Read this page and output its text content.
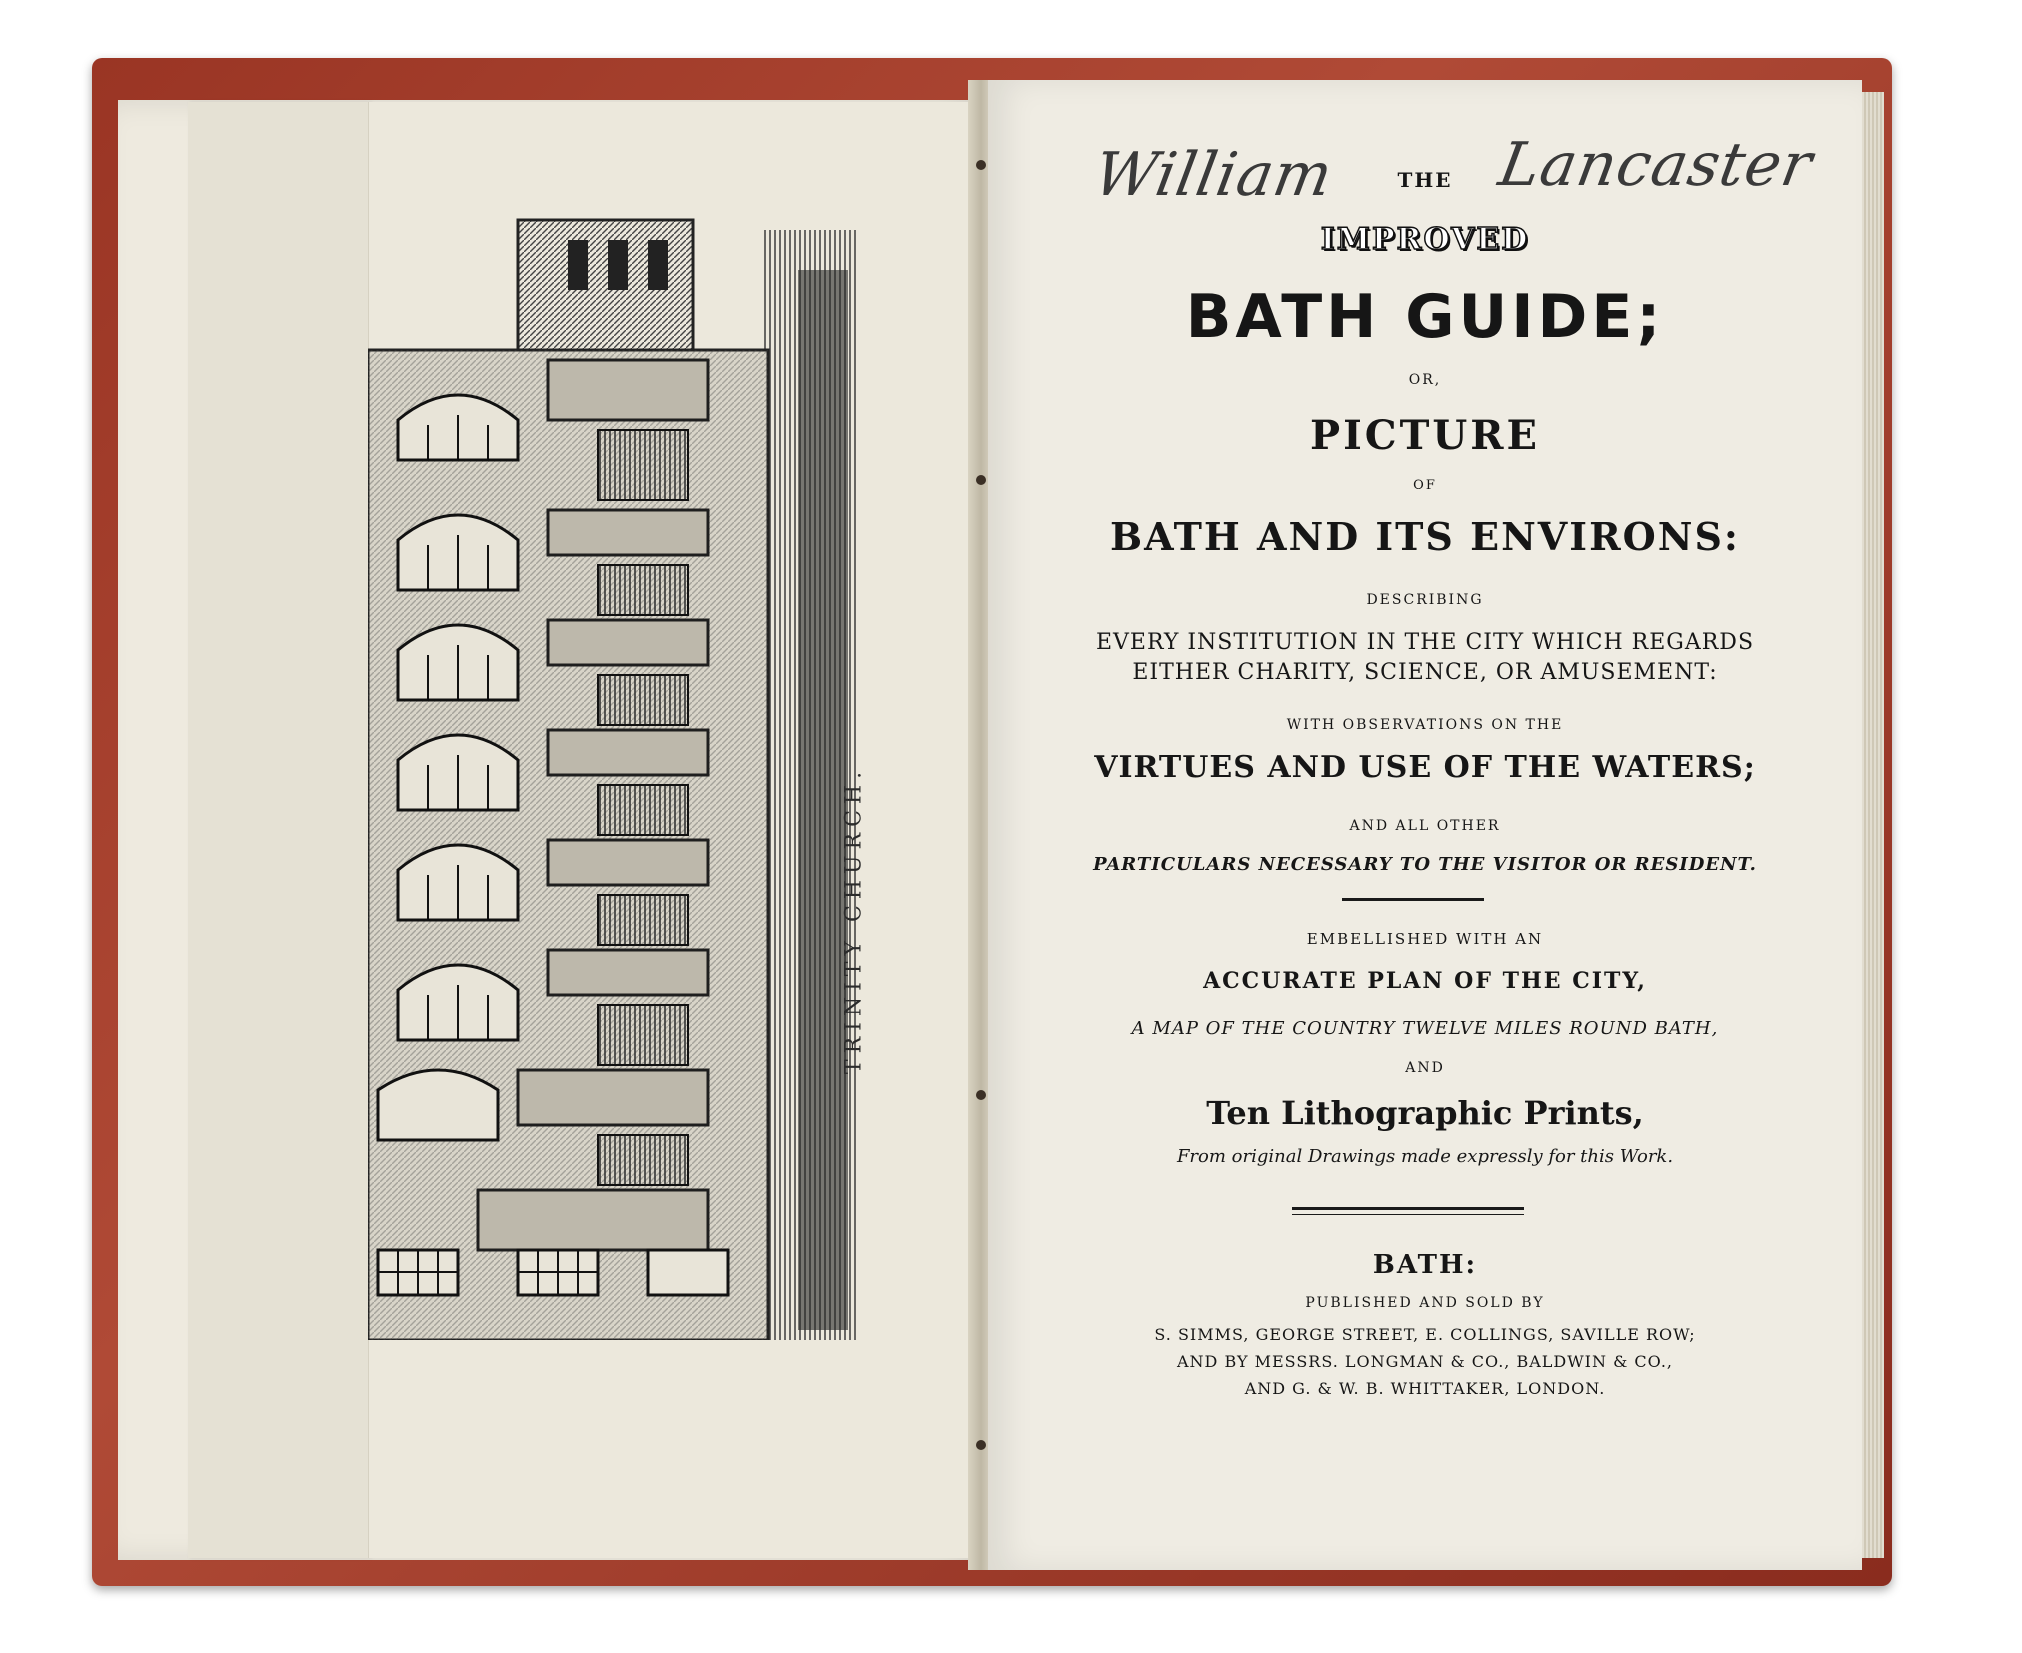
TRINITY CHURCH.
William	Lancaster
THE
IMPROVED
BATH GUIDE;
OR,
PICTURE
OF
BATH AND ITS ENVIRONS:
DESCRIBING
EVERY INSTITUTION IN THE CITY WHICH REGARDS
EITHER CHARITY, SCIENCE, OR AMUSEMENT:
WITH OBSERVATIONS ON THE
VIRTUES AND USE OF THE WATERS;
AND ALL OTHER
PARTICULARS NECESSARY TO THE VISITOR OR RESIDENT.
EMBELLISHED WITH AN
ACCURATE PLAN OF THE CITY,
A MAP OF THE COUNTRY TWELVE MILES ROUND BATH,
AND
Ten Lithographic Prints,
From original Drawings made expressly for this Work.
BATH:
PUBLISHED AND SOLD BY
S. SIMMS, GEORGE STREET, E. COLLINGS, SAVILLE ROW;
AND BY MESSRS. LONGMAN & CO., BALDWIN & CO.,
AND G. & W. B. WHITTAKER, LONDON.
